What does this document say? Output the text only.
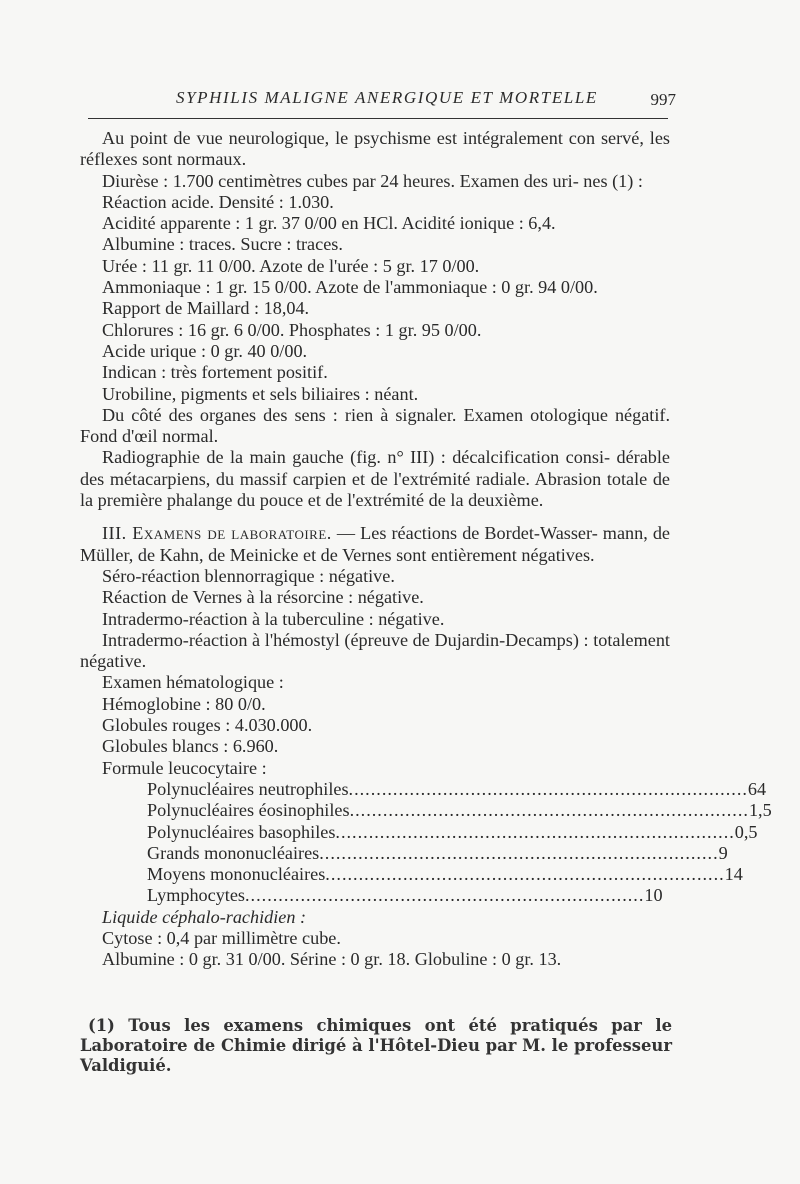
SYPHILIS MALIGNE ANERGIQUE ET MORTELLE	997

Au point de vue neurologique, le psychisme est intégralement con servé, les réflexes sont normaux.

Diurèse : 1.700 centimètres cubes par 24 heures. Examen des uri- nes (1) :

Réaction acide. Densité : 1.030.

Acidité apparente : 1 gr. 37 0/00 en HCl. Acidité ionique : 6,4.

Albumine : traces. Sucre : traces.

Urée : 11 gr. 11 0/00. Azote de l'urée : 5 gr. 17 0/00.

Ammoniaque : 1 gr. 15 0/00. Azote de l'ammoniaque : 0 gr. 94 0/00.

Rapport de Maillard : 18,04.

Chlorures : 16 gr. 6 0/00. Phosphates : 1 gr. 95 0/00.

Acide urique : 0 gr. 40 0/00.

Indican : très fortement positif.

Urobiline, pigments et sels biliaires : néant.

Du côté des organes des sens : rien à signaler. Examen otologique négatif. Fond d'œil normal.

Radiographie de la main gauche (fig. n° III) : décalcification consi- dérable des métacarpiens, du massif carpien et de l'extrémité radiale. Abrasion totale de la première phalange du pouce et de l'extrémité de la deuxième.

III. Examens de laboratoire. — Les réactions de Bordet-Wasser- mann, de Müller, de Kahn, de Meinicke et de Vernes sont entièrement négatives.

Séro-réaction blennorragique : négative.

Réaction de Vernes à la résorcine : négative.

Intradermo-réaction à la tuberculine : négative.

Intradermo-réaction à l'hémostyl (épreuve de Dujardin-Decamps) : totalement négative.

Examen hématologique :

Hémoglobine : 80 0/0.

Globules rouges : 4.030.000.

Globules blancs : 6.960.

Formule leucocytaire :

Polynucléaires neutrophiles ........................................................................ 64
Polynucléaires éosinophiles ........................................................................ 1,5
Polynucléaires basophiles ........................................................................ 0,5
Grands mononucléaires ........................................................................ 9
Moyens mononucléaires ........................................................................ 14
Lymphocytes ........................................................................ 10

Liquide céphalo-rachidien :

Cytose : 0,4 par millimètre cube.

Albumine : 0 gr. 31 0/00. Sérine : 0 gr. 18. Globuline : 0 gr. 13.

(1) Tous les examens chimiques ont été pratiqués par le Laboratoire de Chimie dirigé à l'Hôtel-Dieu par M. le professeur Valdiguié.
